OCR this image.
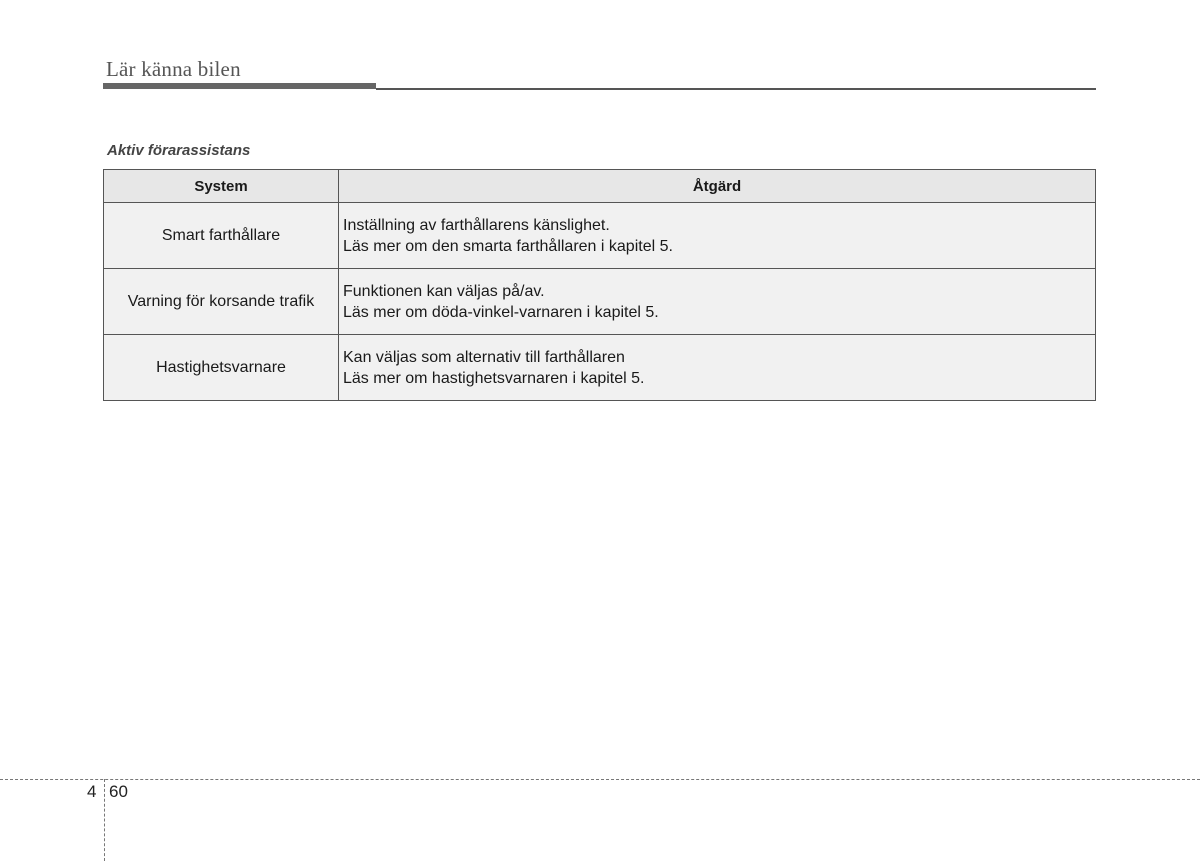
Lär känna bilen
Aktiv förarassistans
System	Åtgärd
Smart farthållare	Inställning av farthållarens känslighet.
Läs mer om den smarta farthållaren i kapitel 5.

Varning för korsande trafik	Funktionen kan väljas på/av.
Läs mer om döda-vinkel-varnaren i kapitel 5.

Hastighetsvarnare	Kan väljas som alternativ till farthållaren
Läs mer om hastighetsvarnaren i kapitel 5.
4 60
